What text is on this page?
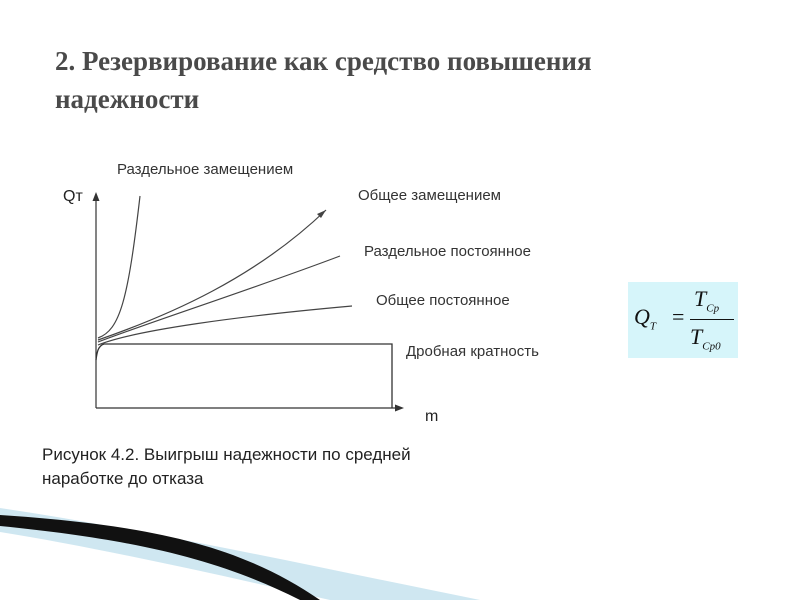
2. Резервирование как средство повышения
надежности
Qт
m
Раздельное замещением
Общее замещением
Раздельное постоянное
Общее постоянное
Дробная кратность
Рисунок 4.2. Выигрыш надежности по средней
наработке до отказа
$Q_T$ =
$T_{Cp}$
$T_{Cp0}$
